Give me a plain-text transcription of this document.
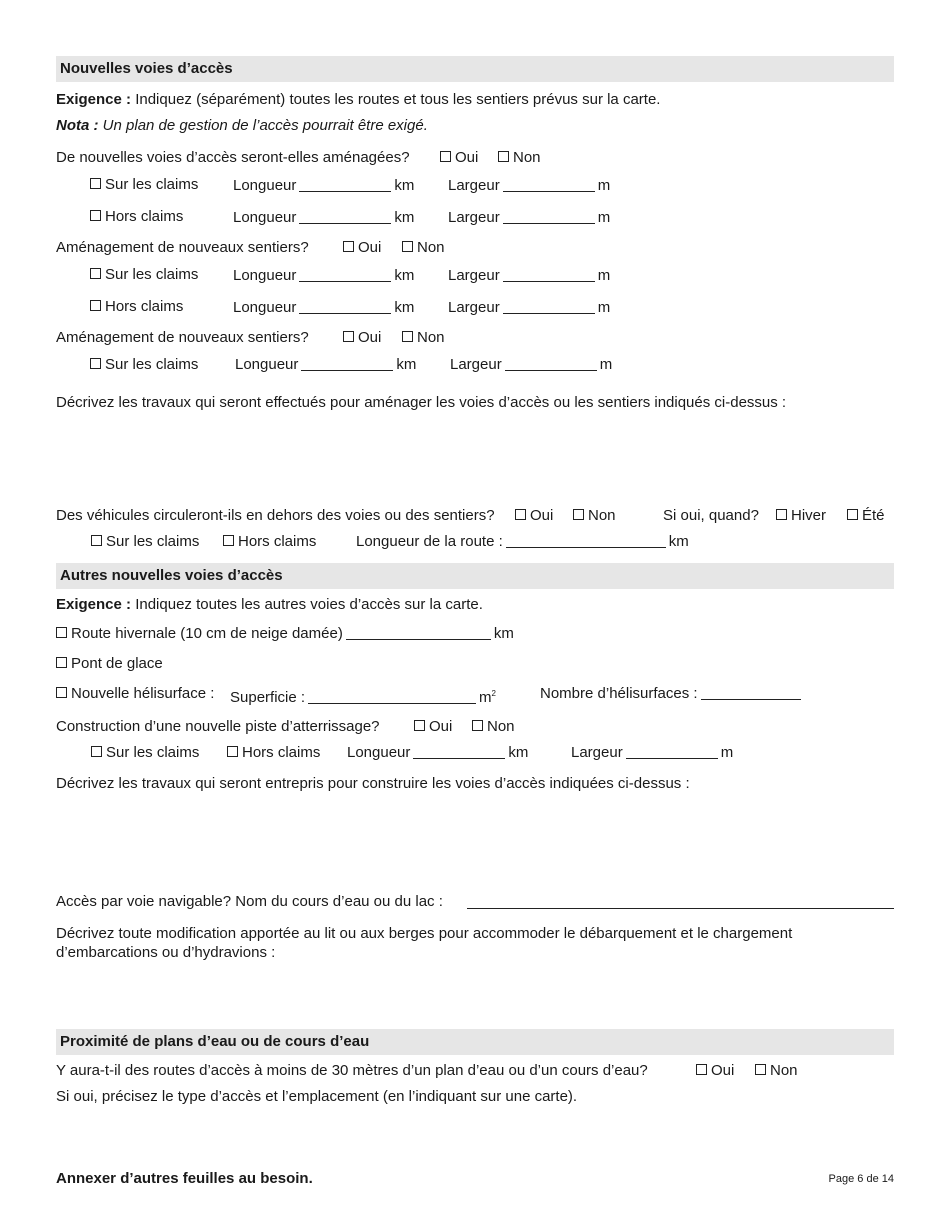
Nouvelles voies d’accès
Exigence : Indiquez (séparément) toutes les routes et tous les sentiers prévus sur la carte.
Nota : Un plan de gestion de l’accès pourrait être exigé.
De nouvelles voies d’accès seront-elles aménagées?	Oui	Non
Sur les claims Longueur	km Largeur	m
Hors claims	Longueur	km Largeur	m
Aménagement de nouveaux sentiers?	Oui	Non
Sur les claims Longueur	km Largeur	m
Hors claims	Longueur	km Largeur	m
Aménagement de nouveaux sentiers?	Oui	Non
Sur les claims Longueur	km Largeur	m
Décrivez les travaux qui seront effectués pour aménager les voies d’accès ou les sentiers indiqués ci-dessus :
Des véhicules circuleront-ils en dehors des voies ou des sentiers?	Oui	Non	Si oui, quand?	Hiver	Été
Sur les claims	Hors claims	Longueur de la route :	km
Autres nouvelles voies d’accès
Exigence : Indiquez toutes les autres voies d’accès sur la carte.
Route hivernale (10 cm de neige damée)	km
Pont de glace
Nouvelle hélisurface : Superficie :	$m^2$	Nombre d’hélisurfaces :
Construction d’une nouvelle piste d’atterrissage?	Oui	Non
Sur les claims	Hors claims Longueur	km	Largeur	m
Décrivez les travaux qui seront entrepris pour construire les voies d’accès indiquées ci-dessus :
Accès par voie navigable? Nom du cours d’eau ou du lac :
Décrivez toute modification apportée au lit ou aux berges pour accommoder le débarquement et le chargement
d’embarcations ou d’hydravions :
Proximité de plans d’eau ou de cours d’eau
Y aura-t-il des routes d’accès à moins de 30 mètres d’un plan d’eau ou d’un cours d’eau?	Oui	Non
Si oui, précisez le type d’accès et l’emplacement (en l’indiquant sur une carte).
Annexer d’autres feuilles au besoin.	Page 6 de 14
